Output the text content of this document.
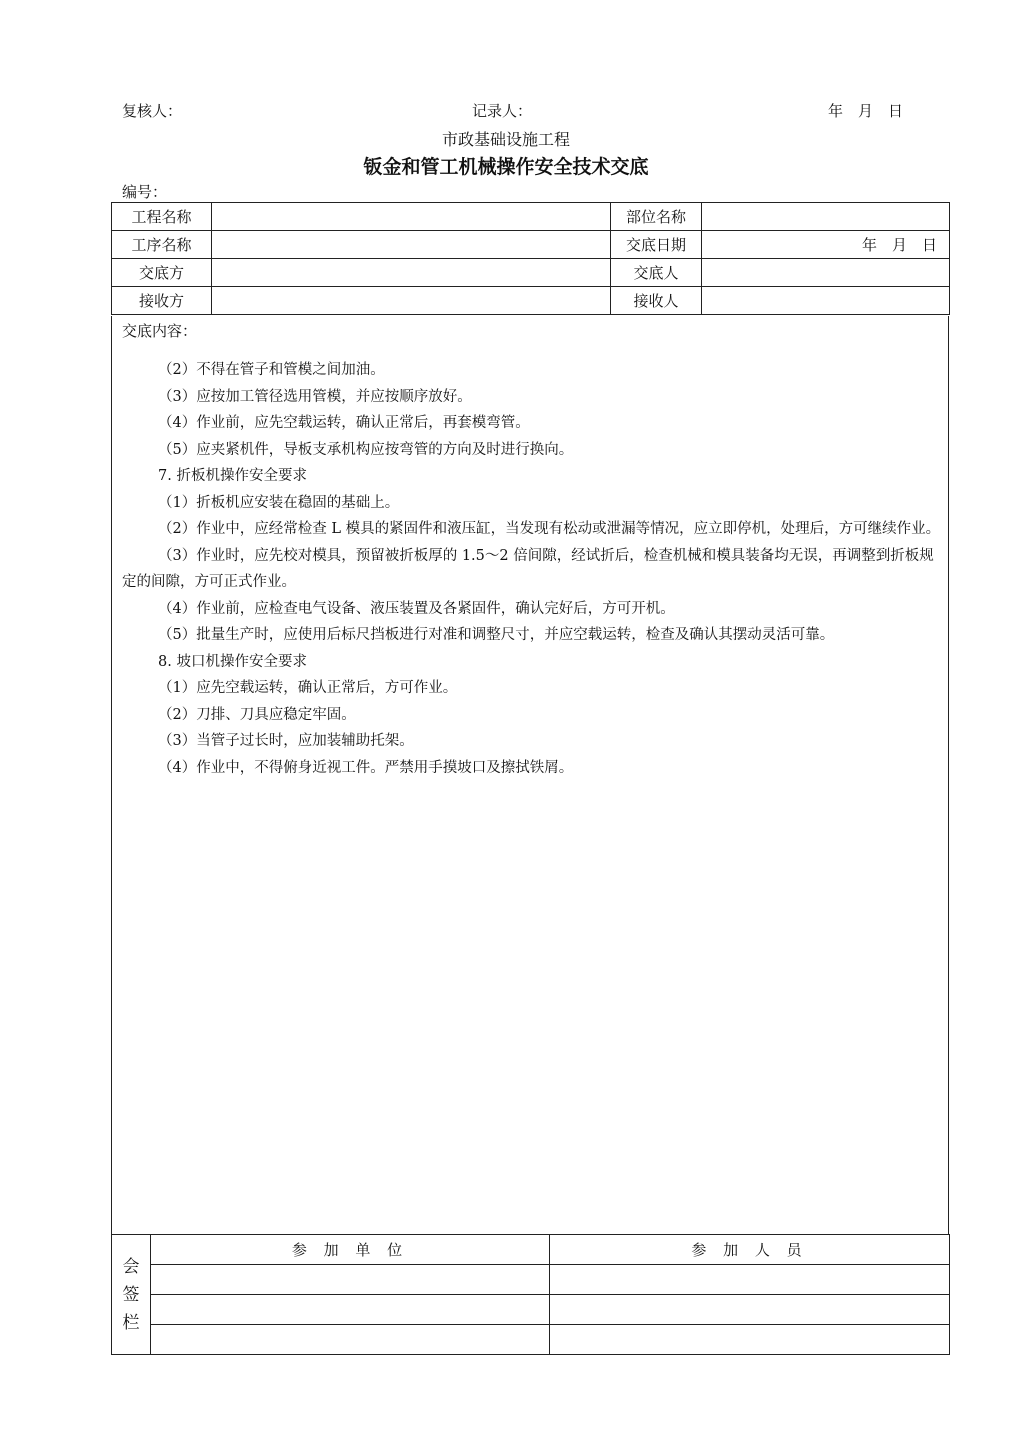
复核人：	记录人：	年　月　日
市政基础设施工程
钣金和管工机械操作安全技术交底
编号：
工程名称		部位名称	
工序名称		交底日期	年　月　日
交底方		交底人	
接收方		接收人	
交底内容：

（2）不得在管子和管模之间加油。

（3）应按加工管径选用管模，并应按顺序放好。

（4）作业前，应先空载运转，确认正常后，再套模弯管。

（5）应夹紧机件，导板支承机构应按弯管的方向及时进行换向。

7. 折板机操作安全要求

（1）折板机应安装在稳固的基础上。

（2）作业中，应经常检查 L 模具的紧固件和液压缸，当发现有松动或泄漏等情况，应立即停机，处理后，方可继续作业。

（3）作业时，应先校对模具，预留被折板厚的 1.5～2 倍间隙，经试折后，检查机械和模具装备均无误，再调整到折板规定的间隙，方可正式作业。

（4）作业前，应检查电气设备、液压装置及各紧固件，确认完好后，方可开机。

（5）批量生产时，应使用后标尺挡板进行对准和调整尺寸，并应空载运转，检查及确认其摆动灵活可靠。

8. 坡口机操作安全要求

（1）应先空载运转，确认正常后，方可作业。

（2）刀排、刀具应稳定牢固。

（3）当管子过长时，应加装辅助托架。

（4）作业中，不得俯身近视工件。严禁用手摸坡口及擦拭铁屑。

会签栏	参 加 单 位	参 加 人 员
